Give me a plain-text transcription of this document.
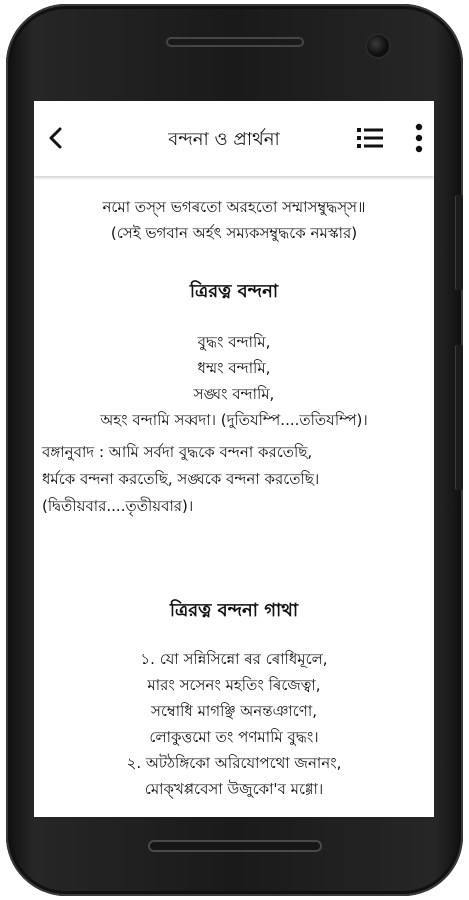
বন্দনা ও প্রার্থনা

নমো তস্স ভগৰতো অরহতো সম্মাসম্বুদ্ধস্স॥

(সেই ভগবান অৰ্হৎ সম্যকসম্বুদ্ধকে নমস্কার)

ত্রিরত্ন বন্দনা
বুদ্ধং বন্দামি,
ধম্মং বন্দামি,
সঙ্ঘং বন্দামি,
অহং বন্দামি সব্বদা। (দুতিযম্পি....ততিযম্পি)।
বঙ্গানুবাদ : আমি সর্বদা বুদ্ধকে বন্দনা করতেছি,
ধর্মকে বন্দনা করতেছি, সঙ্ঘকে বন্দনা করতেছি।
(দ্বিতীয়বার....তৃতীয়বার)।
ত্রিরত্ন বন্দনা গাথা
১. যো সন্নিসিন্নো ৰর ৰোধিমূলে,
মারং সসেনং মহতিং ৰিজেত্বা,
সম্বোধি মাগঞ্ছি অনন্তঞাণো,
লোকুত্তমো তং পণমামি বুদ্ধং।
২. অটঠঙ্গিকো অরিযোপথো জনানং,
মোক্খপ্পবেসা উজুকো'ব মগ্গো।
